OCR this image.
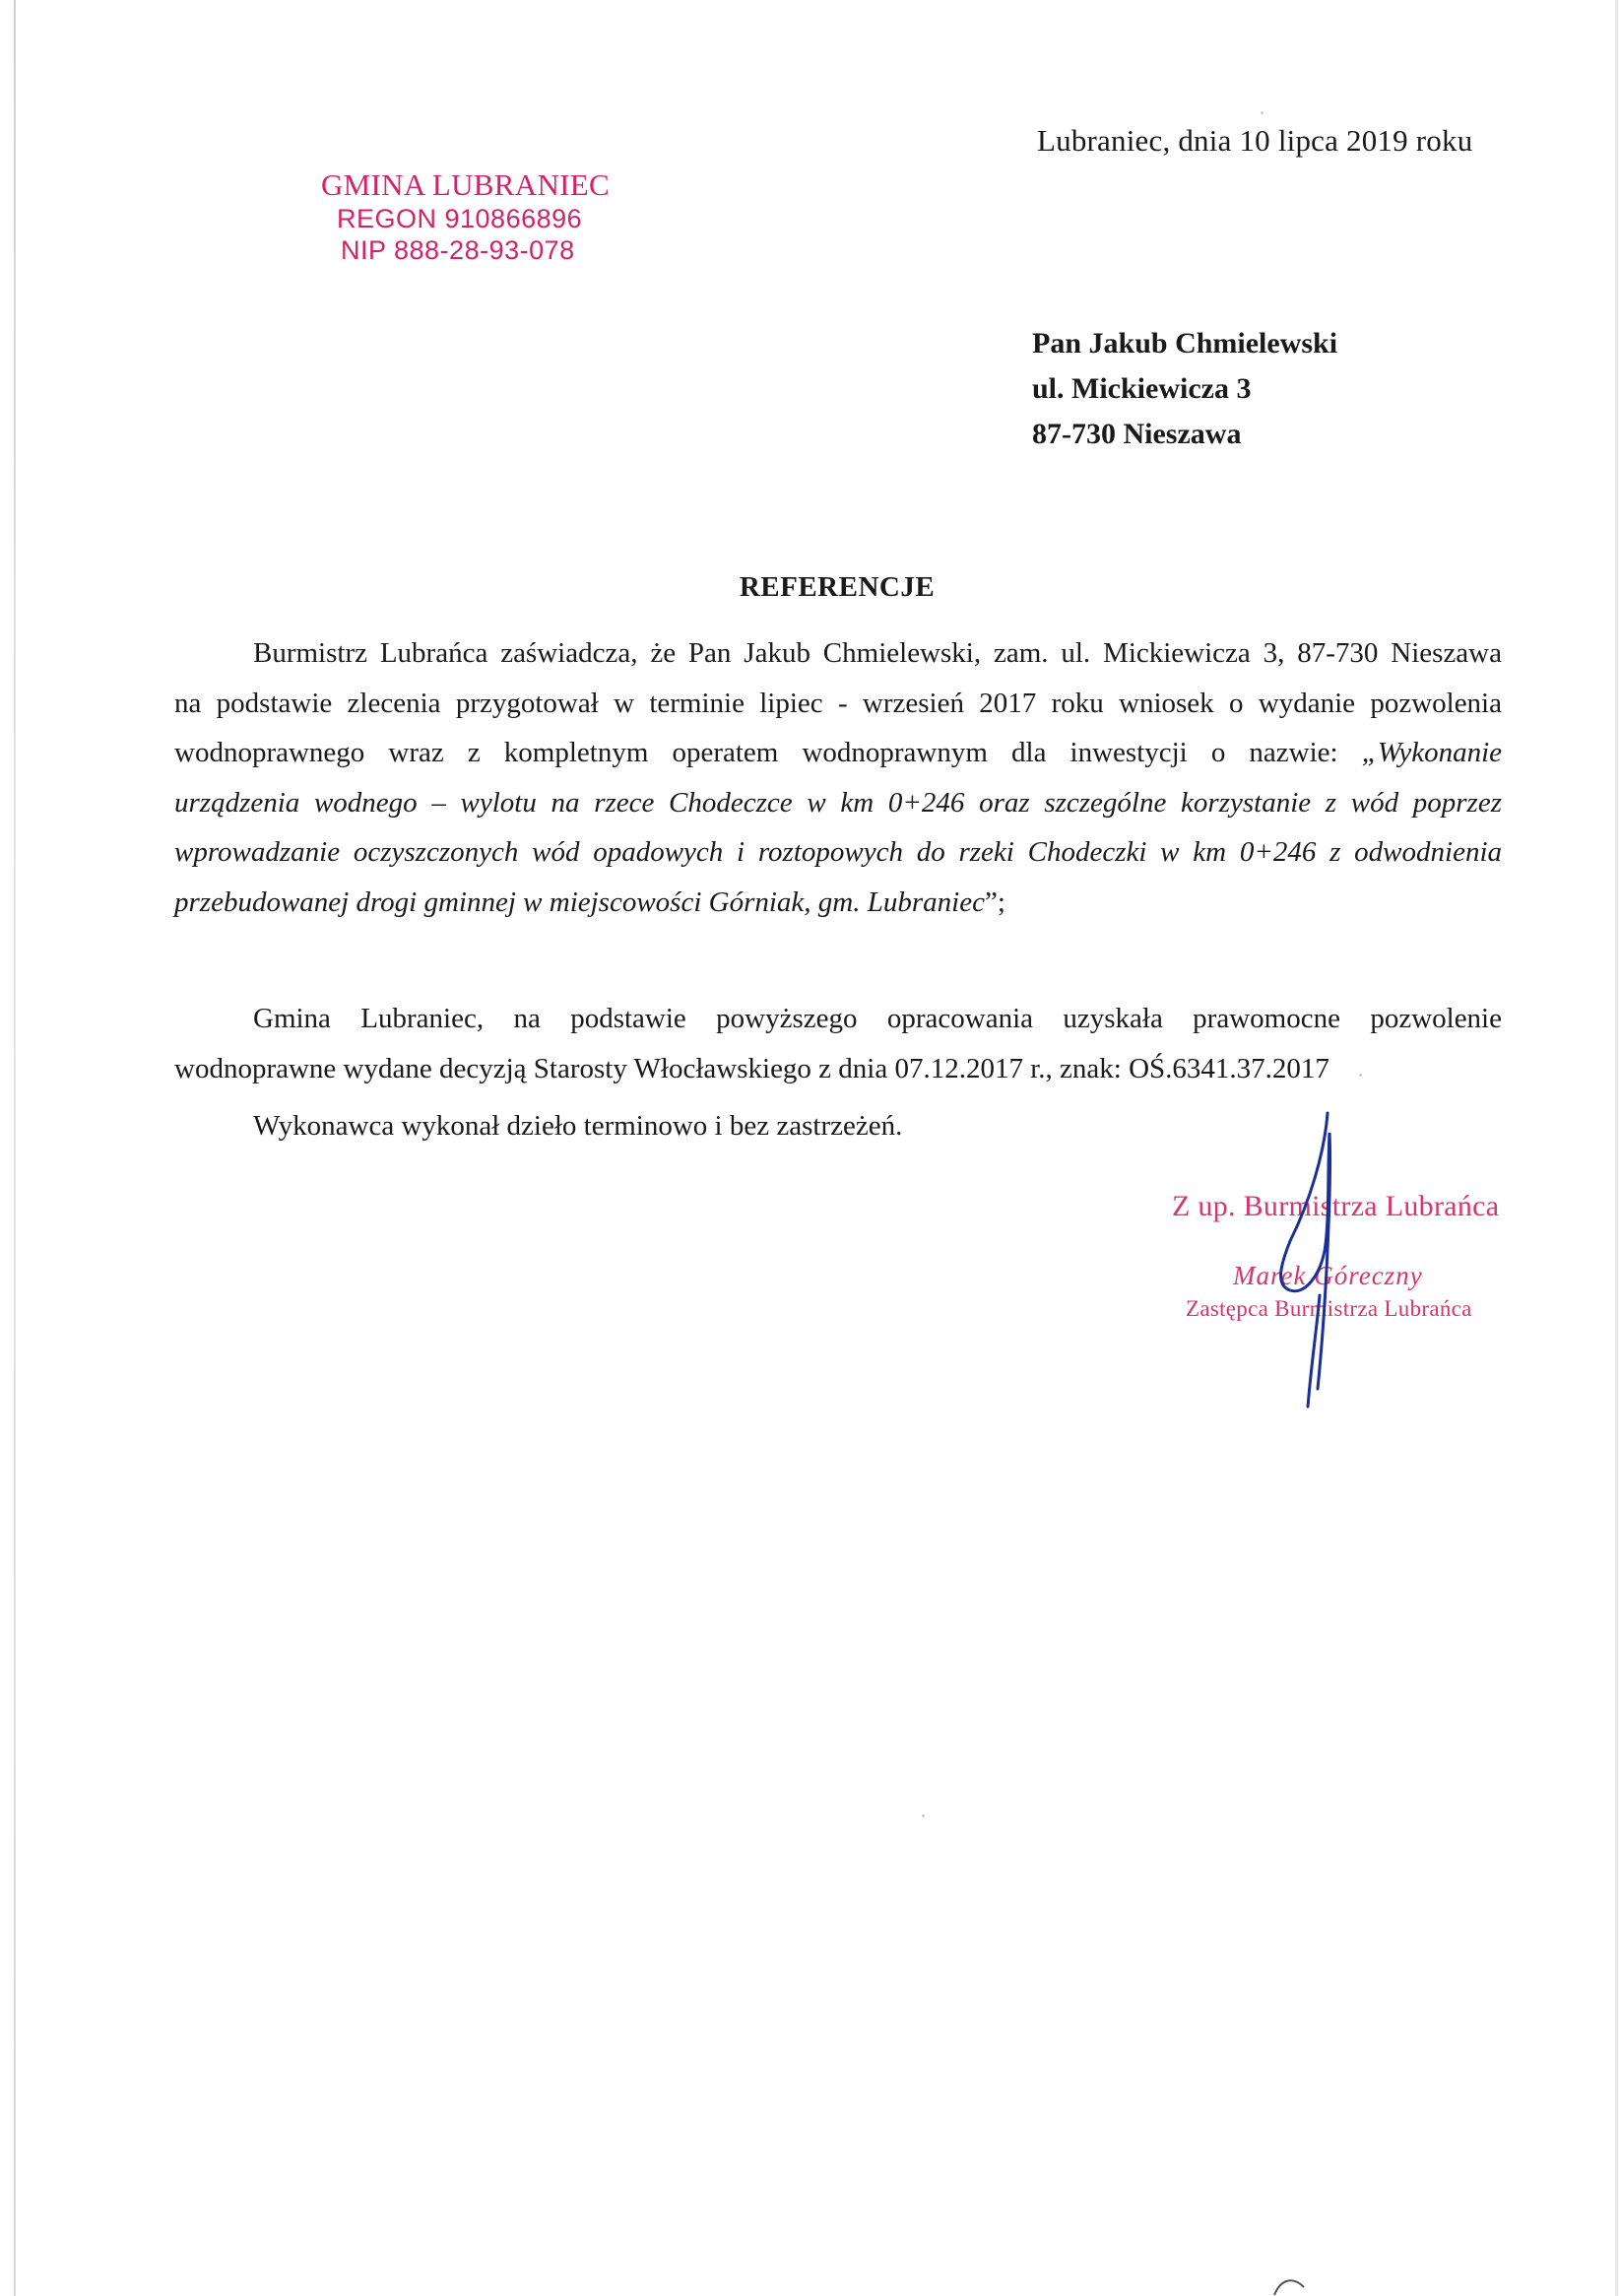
GMINA LUBRANIEC
REGON 910866896
NIP 888-28-93-078
Lubraniec, dnia 10 lipca 2019 roku
Pan Jakub Chmielewski
ul. Mickiewicza 3
87-730 Nieszawa
REFERENCJE
Burmistrz Lubrańca zaświadcza, że Pan Jakub Chmielewski, zam. ul. Mickiewicza 3, 87-730 Nieszawa
na podstawie zlecenia przygotował w terminie lipiec - wrzesień 2017 roku wniosek o wydanie pozwolenia
wodnoprawnego wraz z kompletnym operatem wodnoprawnym dla inwestycji o nazwie: „Wykonanie
urządzenia wodnego – wylotu na rzece Chodeczce w km 0+246 oraz szczególne korzystanie z wód poprzez
wprowadzanie oczyszczonych wód opadowych i roztopowych do rzeki Chodeczki w km 0+246 z odwodnienia
przebudowanej drogi gminnej w miejscowości Górniak, gm. Lubraniec”;
Gmina Lubraniec, na podstawie powyższego opracowania uzyskała prawomocne pozwolenie
wodnoprawne wydane decyzją Starosty Włocławskiego z dnia 07.12.2017 r., znak: OŚ.6341.37.2017
Wykonawca wykonał dzieło terminowo i bez zastrzeżeń.
Z up. Burmistrza Lubrańca
Marek Góreczny
Zastępca Burmistrza Lubrańca
